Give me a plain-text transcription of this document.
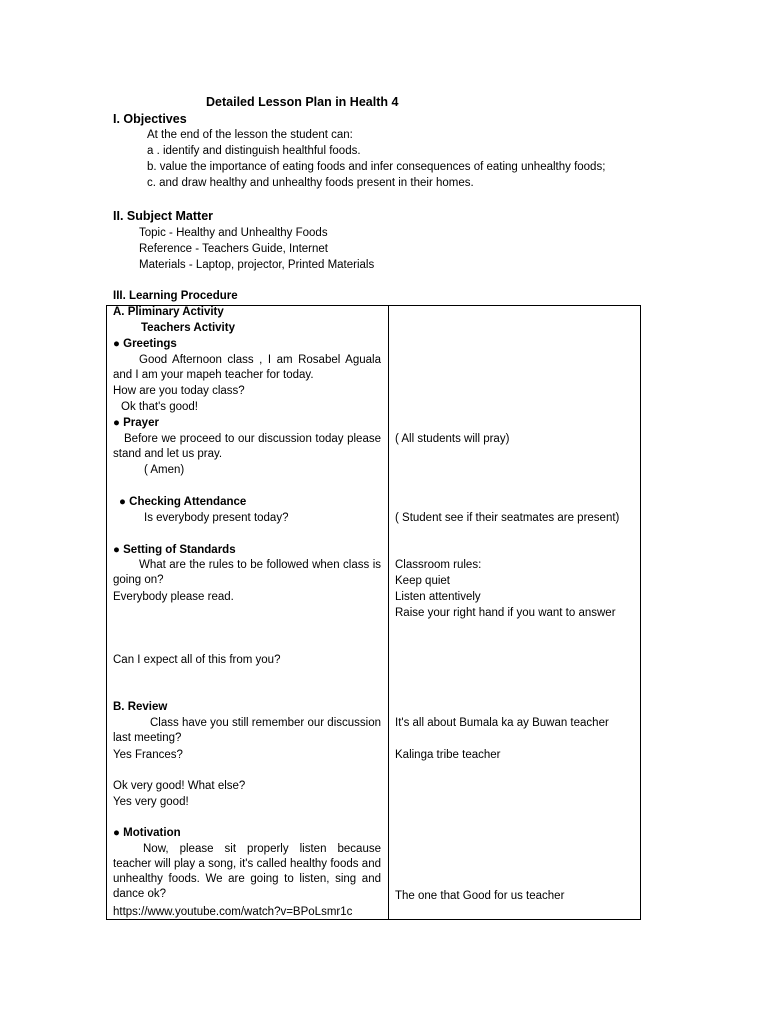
Detailed Lesson Plan in Health 4
I. Objectives
At the end of the lesson the student can:
a . identify and distinguish healthful foods.
b. value the importance of eating foods and infer consequences of eating unhealthy foods;
c. and draw healthy and unhealthy foods present in their homes.
II. Subject Matter
Topic - Healthy and Unhealthy Foods
Reference - Teachers Guide, Internet
Materials - Laptop, projector, Printed Materials
III. Learning Procedure
A. Pliminary Activity
Teachers Activity
● Greetings
Good Afternoon class , I am Rosabel Aguala and I am your mapeh teacher for today.
How are you today class?
Ok that's good!
● Prayer
Before we proceed to our discussion today please stand and let us pray.
( Amen)
● Checking Attendance
Is everybody present today?
● Setting of Standards
What are the rules to be followed when class is going on?
Everybody please read.
Can I expect all of this from you?
B. Review
Class have you still remember our discussion last meeting?
Yes Frances?
Ok very good! What else?
Yes very good!
● Motivation
Now, please sit properly listen because teacher will play a song, it's called healthy foods and unhealthy foods. We are going to listen, sing and dance ok?
https://www.youtube.com/watch?v=BPoLsmr1c
( All students will pray)
( Student see if their seatmates are present)
Classroom rules:
Keep quiet
Listen attentively
Raise your right hand if you want to answer
It's all about Bumala ka ay Buwan teacher
Kalinga tribe teacher
The one that Good for us teacher
